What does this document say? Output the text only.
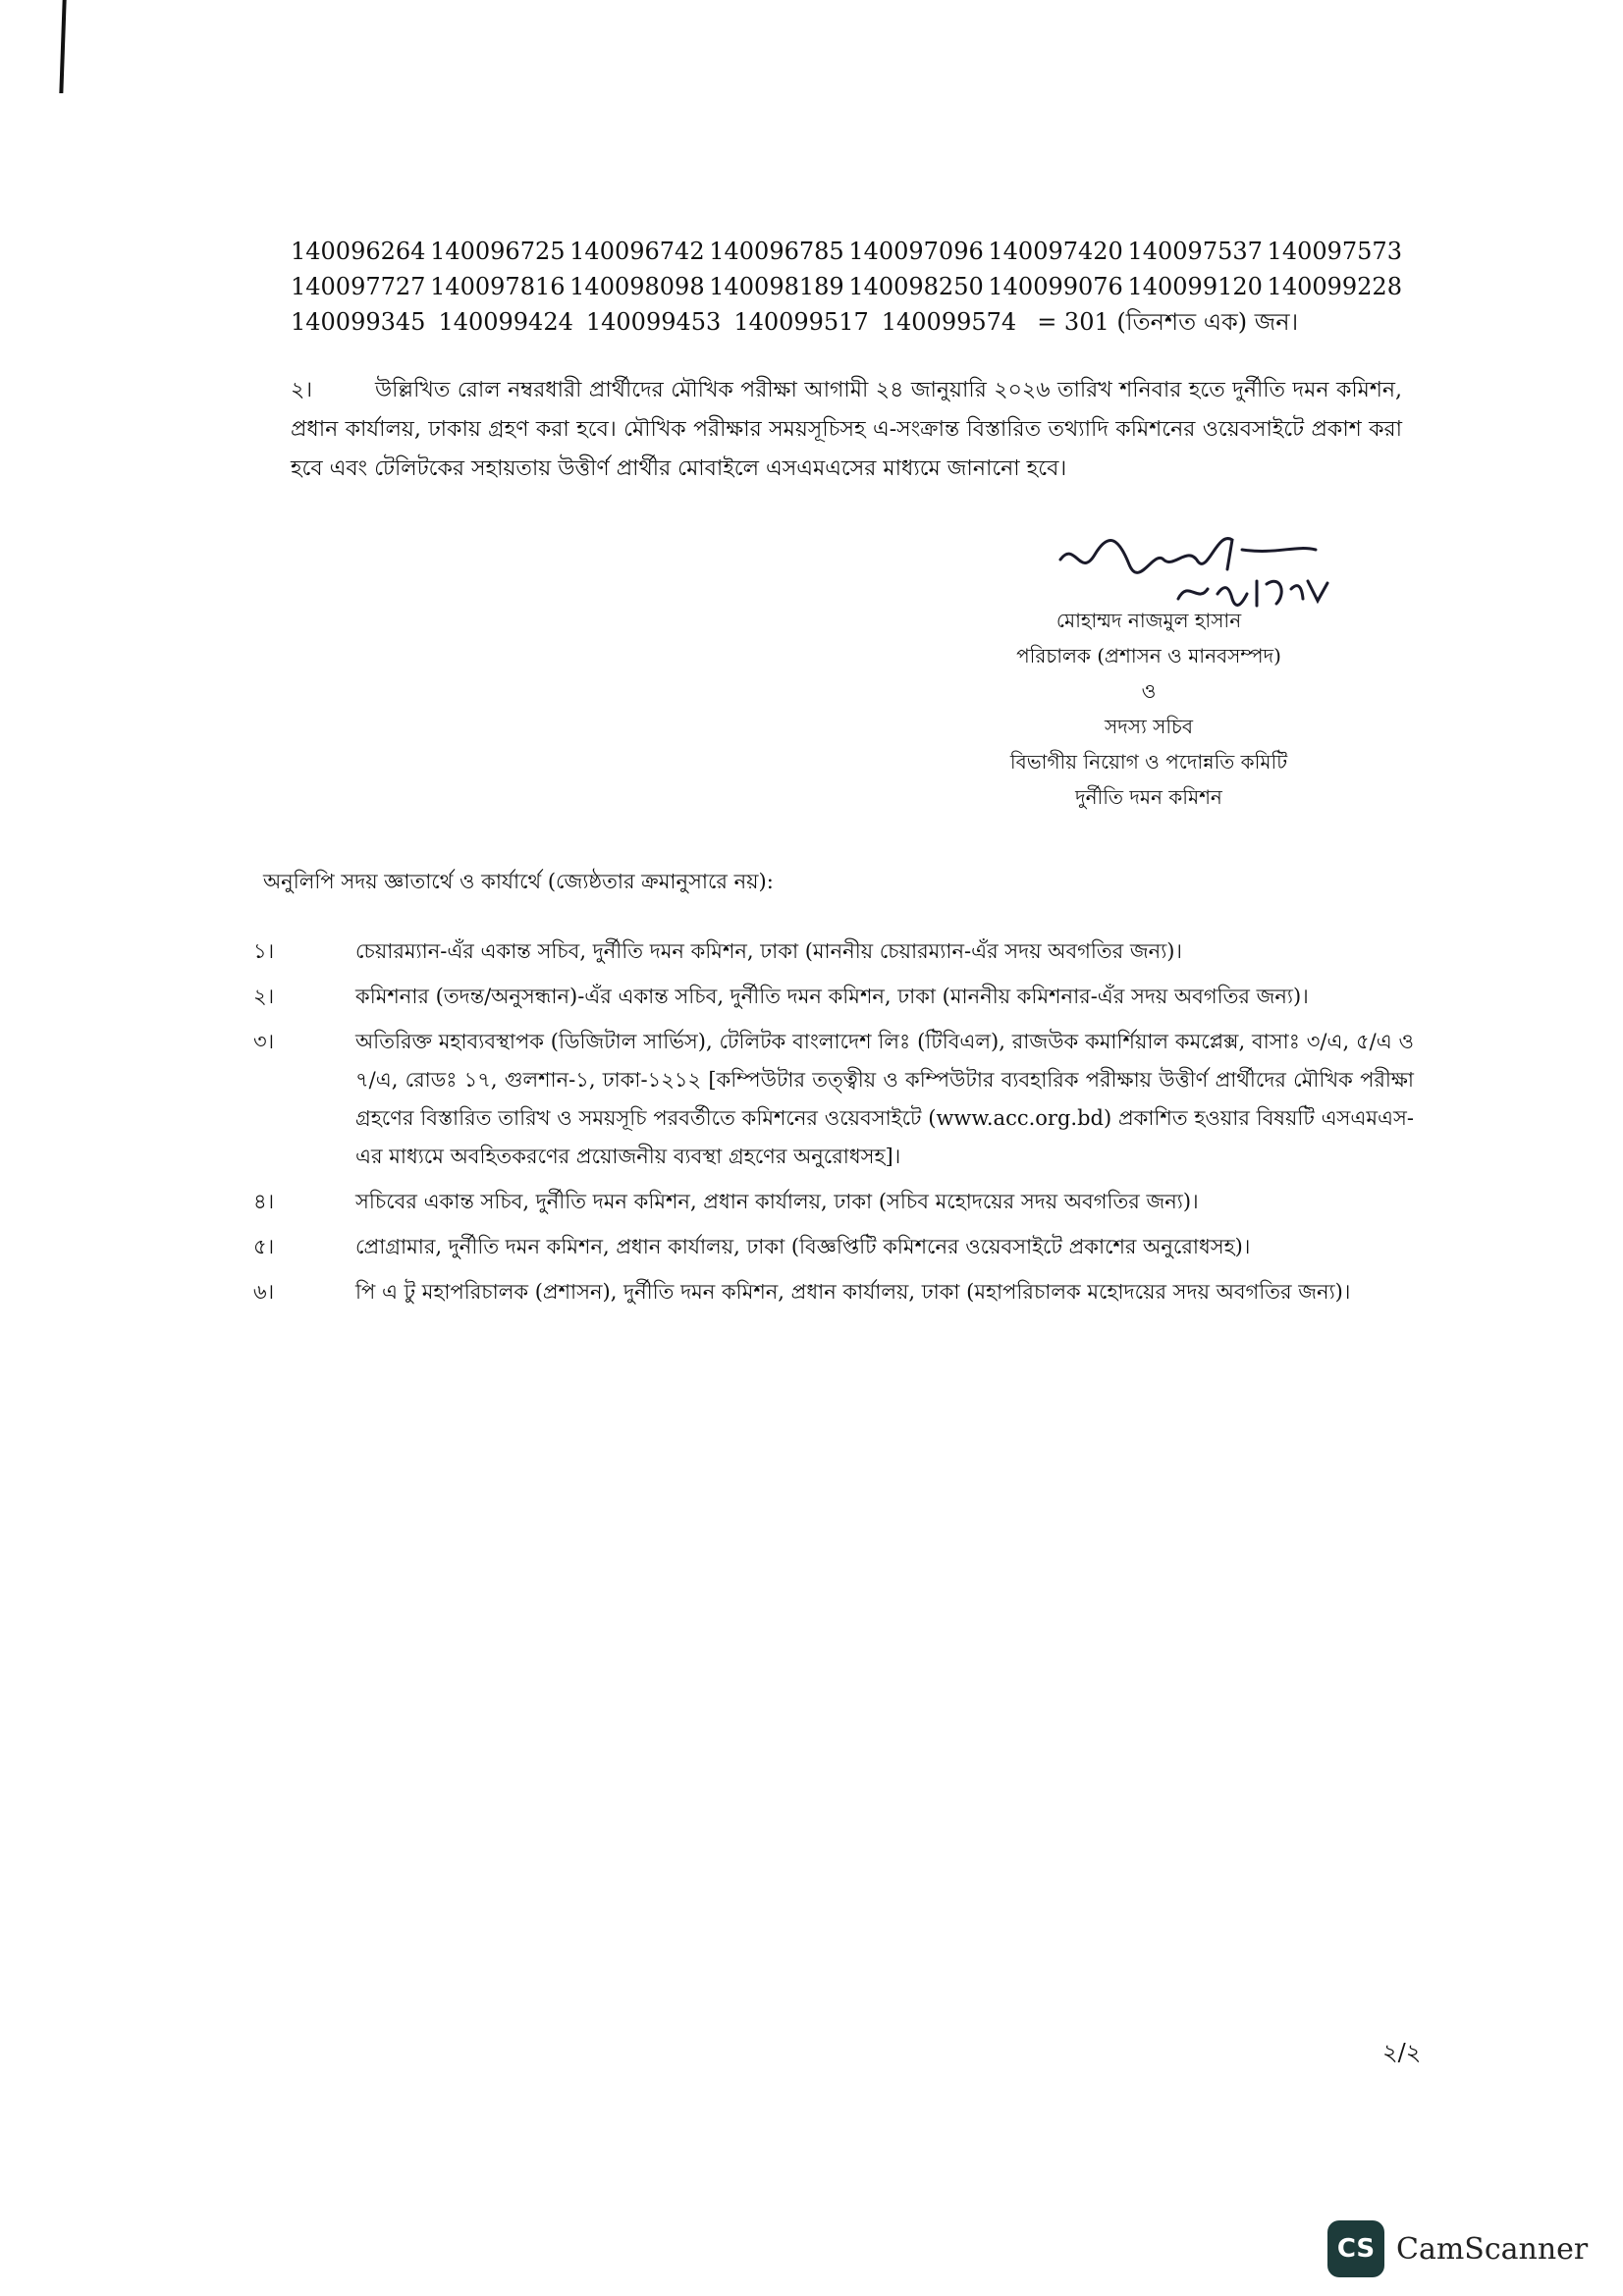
140096264 140096725 140096742 140096785 140097096 140097420 140097537 140097573
140097727 140097816 140098098 140098189 140098250 140099076 140099120 140099228
140099345 140099424 140099453 140099517 140099574 = 301 (তিনশত এক) জন।

২।	উল্লিখিত রোল নম্বরধারী প্রার্থীদের মৌখিক পরীক্ষা আগামী ২৪ জানুয়ারি ২০২৬ তারিখ শনিবার হতে দুর্নীতি দমন কমিশন, প্রধান কার্যালয়, ঢাকায় গ্রহণ করা হবে। মৌখিক পরীক্ষার সময়সূচিসহ এ-সংক্রান্ত বিস্তারিত তথ্যাদি কমিশনের ওয়েবসাইটে প্রকাশ করা হবে এবং টেলিটকের সহায়তায় উত্তীর্ণ প্রার্থীর মোবাইলে এসএমএসের মাধ্যমে জানানো হবে।

মোহাম্মদ নাজমুল হাসান
পরিচালক (প্রশাসন ও মানবসম্পদ)
ও
সদস্য সচিব
বিভাগীয় নিয়োগ ও পদোন্নতি কমিটি
দুর্নীতি দমন কমিশন
অনুলিপি সদয় জ্ঞাতার্থে ও কার্যার্থে (জ্যেষ্ঠতার ক্রমানুসারে নয়):
১।	চেয়ারম্যান-এঁর একান্ত সচিব, দুর্নীতি দমন কমিশন, ঢাকা (মাননীয় চেয়ারম্যান-এঁর সদয় অবগতির জন্য)।
২।	কমিশনার (তদন্ত/অনুসন্ধান)-এঁর একান্ত সচিব, দুর্নীতি দমন কমিশন, ঢাকা (মাননীয় কমিশনার-এঁর সদয় অবগতির জন্য)।
৩।	অতিরিক্ত মহাব্যবস্থাপক (ডিজিটাল সার্ভিস), টেলিটক বাংলাদেশ লিঃ (টিবিএল), রাজউক কমার্শিয়াল কমপ্লেক্স, বাসাঃ ৩/এ, ৫/এ ও ৭/এ, রোডঃ ১৭, গুলশান-১, ঢাকা-১২১২ [কম্পিউটার তত্ত্বীয় ও কম্পিউটার ব্যবহারিক পরীক্ষায় উত্তীর্ণ প্রার্থীদের মৌখিক পরীক্ষা গ্রহণের বিস্তারিত তারিখ ও সময়সূচি পরবর্তীতে কমিশনের ওয়েবসাইটে (www.acc.org.bd) প্রকাশিত হওয়ার বিষয়টি এসএমএস-এর মাধ্যমে অবহিতকরণের প্রয়োজনীয় ব্যবস্থা গ্রহণের অনুরোধসহ]।
৪।	সচিবের একান্ত সচিব, দুর্নীতি দমন কমিশন, প্রধান কার্যালয়, ঢাকা (সচিব মহোদয়ের সদয় অবগতির জন্য)।
৫।	প্রোগ্রামার, দুর্নীতি দমন কমিশন, প্রধান কার্যালয়, ঢাকা (বিজ্ঞপ্তিটি কমিশনের ওয়েবসাইটে প্রকাশের অনুরোধসহ)।
৬।	পি এ টু মহাপরিচালক (প্রশাসন), দুর্নীতি দমন কমিশন, প্রধান কার্যালয়, ঢাকা (মহাপরিচালক মহোদয়ের সদয় অবগতির জন্য)।
২/২
CS CamScanner
